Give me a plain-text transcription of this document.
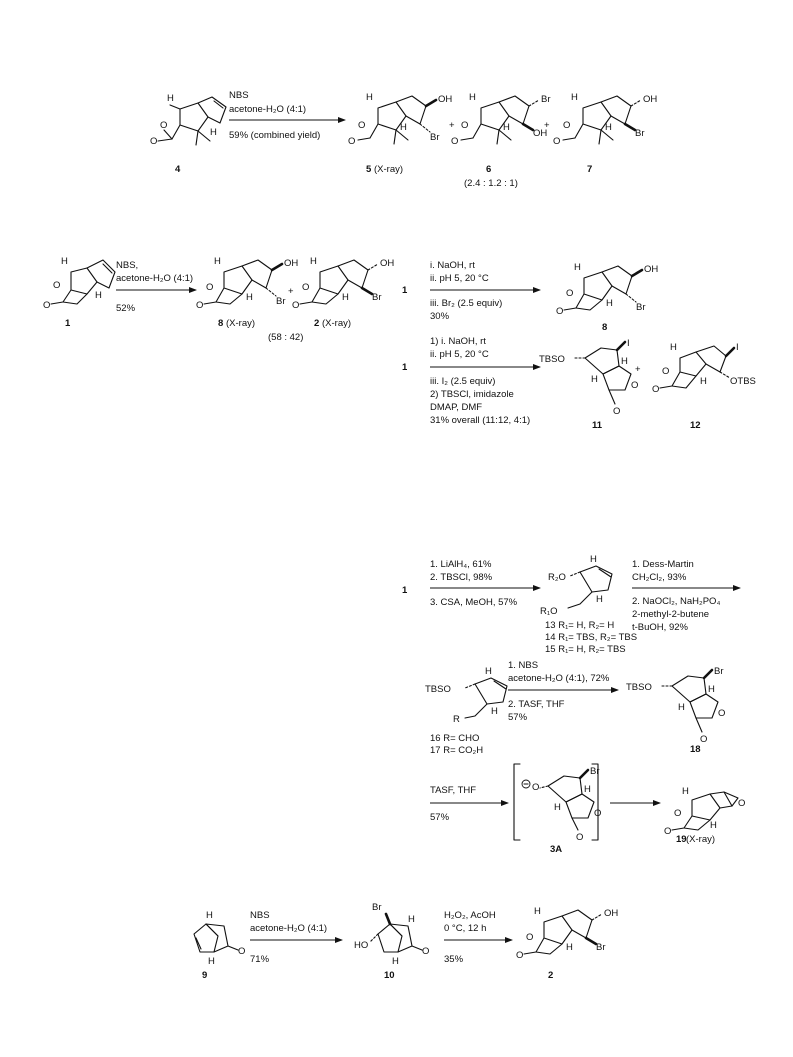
H
O
O
H
4
NBS
acetone-H₂O (4:1)
59% (combined yield)
H
O
O
H
OH
Br
5 (X-ray)
+
H
O
O
H
Br
OH
6
(2.4 : 1.2 : 1)
+
H
O
O
H
OH
Br
7
H
O
O
H
1
NBS,
acetone-H₂O (4:1)
52%
H
O
O
H
OH
Br
8 (X-ray)
+
H
O
O
H
OH
Br
2 (X-ray)
(58 : 42)
1
i. NaOH, rt
ii. pH 5, 20 °C
iii. Br₂ (2.5 equiv)
30%
H
O
O
H
OH
Br
8
1
1) i. NaOH, rt
ii. pH 5, 20 °C
iii. I₂ (2.5 equiv)
2) TBSCl, imidazole
DMAP, DMF
31% overall (11:12, 4:1)
TBSO
I
H
H
O
O
11
+
H
O
O
H
I
OTBS
12
1
1. LiAlH₄, 61%
2. TBSCl, 98%
3. CSA, MeOH, 57%
H
R₂O
H
R₁O
13 R₁= H, R₂= H
14 R₁= TBS, R₂= TBS
15 R₁= H, R₂= TBS
1. Dess-Martin
CH₂Cl₂, 93%
2. NaOCl₂, NaH₂PO₄
2-methyl-2-butene
t-BuOH, 92%
H
TBSO
H
R
16 R= CHO
17 R= CO₂H
1. NBS
acetone-H₂O (4:1), 72%
2. TASF, THF
57%
TBSO
Br
H
H
O
O
18
TASF, THF
57%
O
Br
H
H
O
O
3A
H
O
O
H
O
19 (X-ray)
H
H
O
9
NBS
acetone-H₂O (4:1)
71%
Br
HO
H
H
O
10
H₂O₂, AcOH
0 °C, 12 h
35%
H
O
O
H
OH
Br
2
